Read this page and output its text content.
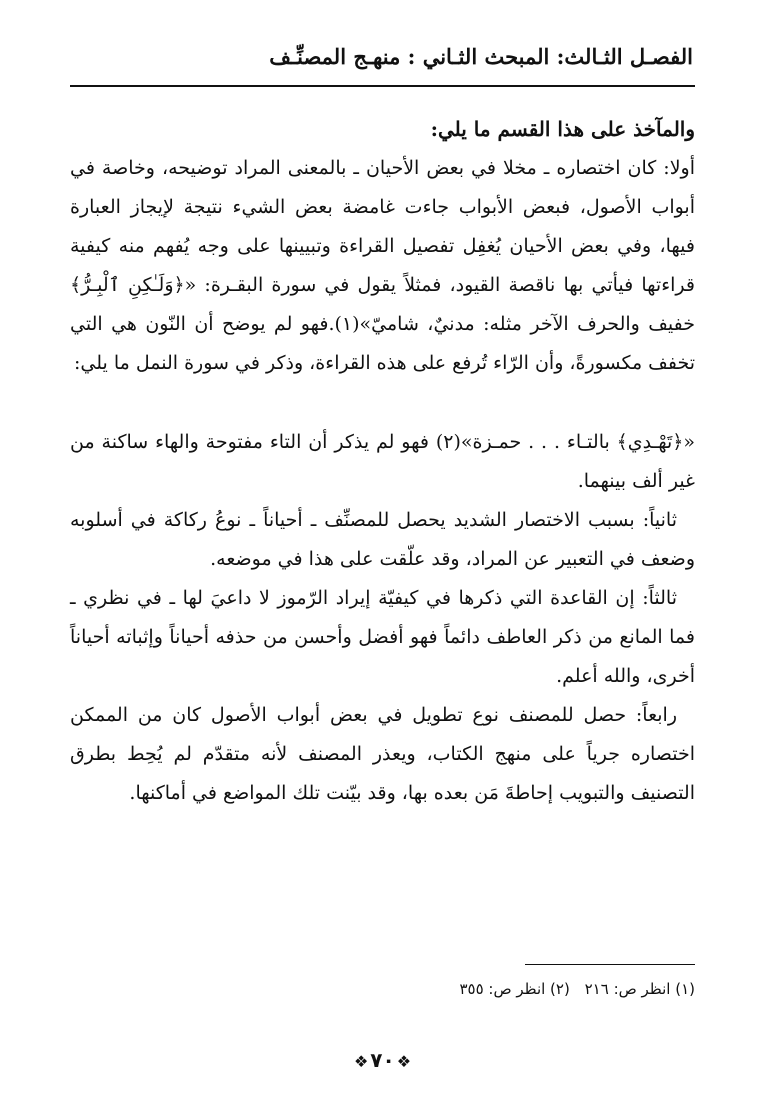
الفصـل الثـالث: المبحث الثـاني : منهـج المصنِّـف

والمآخذ على هذا القسم ما يلي:

أولا: كان اختصاره ـ مخلا في بعض الأحيان ـ بالمعنى المراد توضيحه، وخاصة في أبواب الأصول، فبعض الأبواب جاءت غامضة بعض الشيء نتيجة لإيجاز العبارة فيها، وفي بعض الأحيان يُغفِل تفصيل القراءة وتبيينها على وجه يُفهم منه كيفية قراءتها فيأتي بها ناقصة القيود، فمثلاً يقول في سورة البقـرة: «﴿وَلَـٰكِنِ ٱلْبِـرُّ﴾ خفيف والحرف الآخر مثله: مدنيٌ، شاميّ»(١).فهو لم يوضح أن النّون هي التي تخفف مكسورةً، وأن الرّاء تُرفع على هذه القراءة، وذكر في سورة النمل ما يلي:

«﴿تَهْـدِي﴾ بالتـاء . . . حمـزة»(٢) فهو لم يذكر أن التاء مفتوحة والهاء ساكنة من غير ألف بينهما.

ثانياً: بسبب الاختصار الشديد يحصل للمصنِّف ـ أحياناً ـ نوعُ ركاكة في أسلوبه وضعف في التعبير عن المراد، وقد علّقت على هذا في موضعه.

ثالثاً: إن القاعدة التي ذكرها في كيفيّة إيراد الرّموز لا داعيَ لها ـ في نظري ـ فما المانع من ذكر العاطف دائماً فهو أفضل وأحسن من حذفه أحياناً وإثباته أحياناً أخرى، والله أعلم.

رابعاً: حصل للمصنف نوع تطويل في بعض أبواب الأصول كان من الممكن اختصاره جرياً على منهج الكتاب، ويعذر المصنف لأنه متقدّم لم يُحِط بطرق التصنيف والتبويب إحاطةَ مَن بعده بها، وقد بيّنت تلك المواضع في أماكنها.

(١) انظر ص: ٢١٦ (٢) انظر ص: ٣٥٥
❖٧٠❖
